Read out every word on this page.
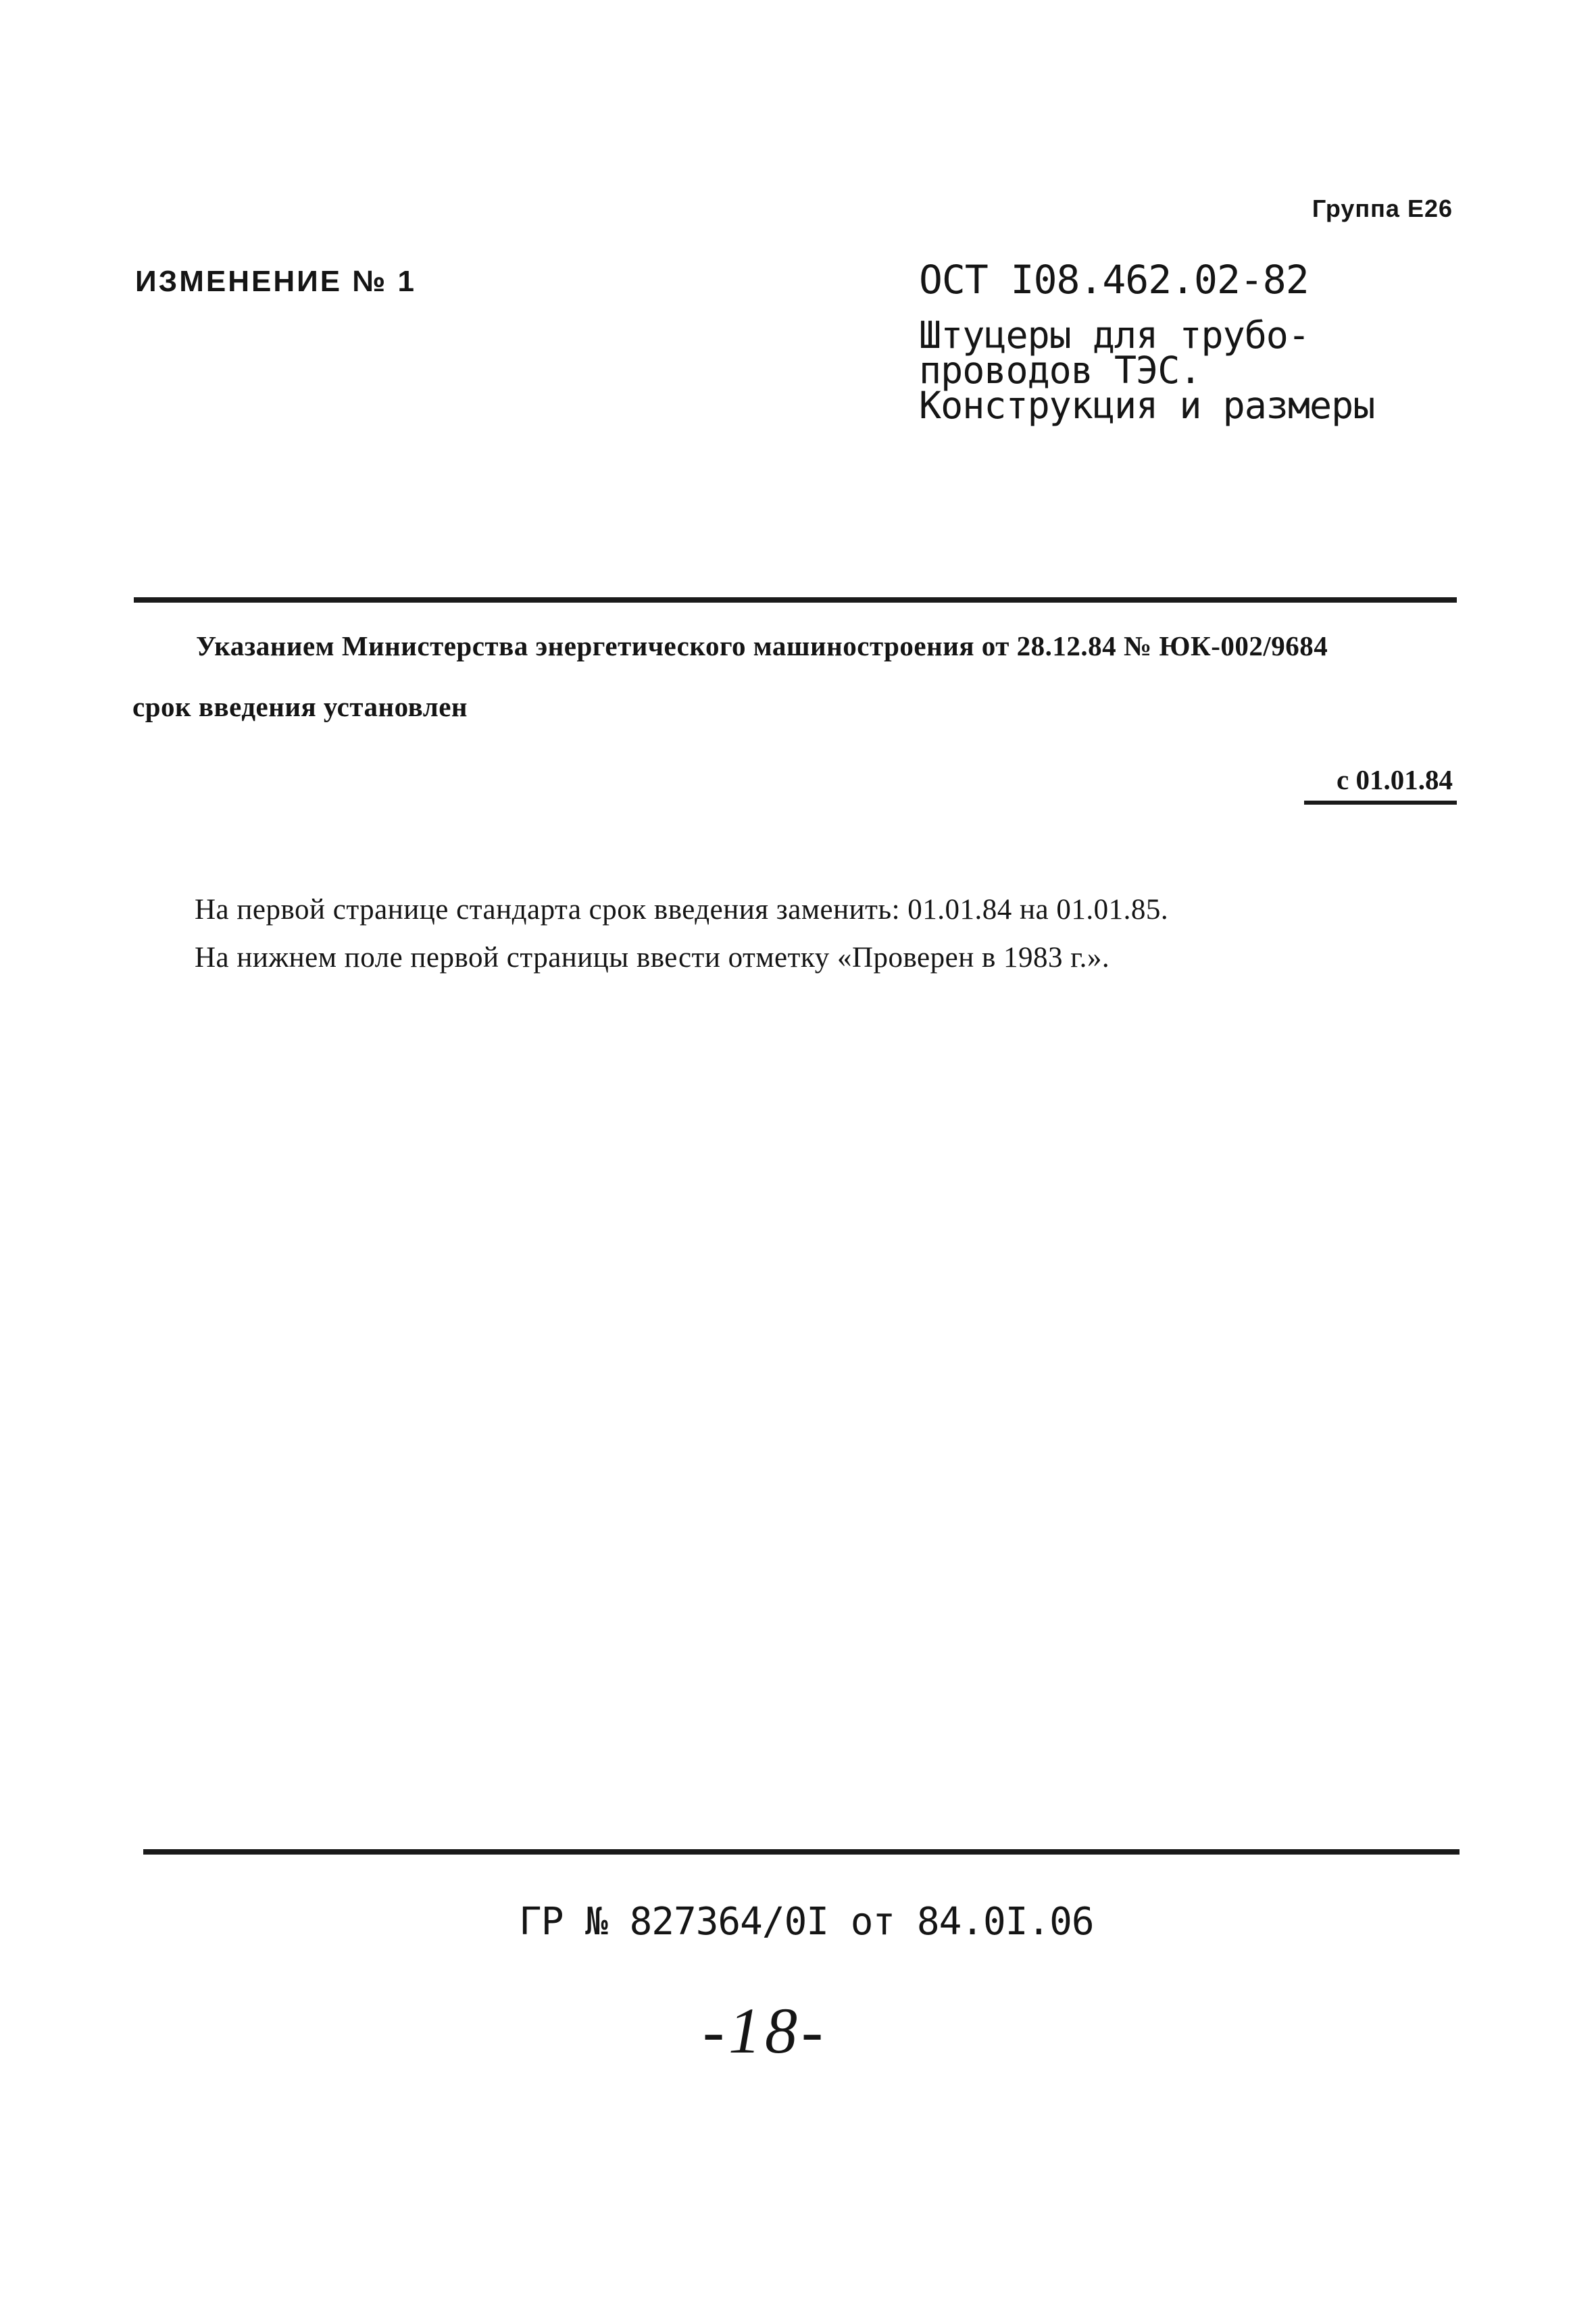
Группа Е26
ИЗМЕНЕНИЕ № 1	ОСТ I08.462.02-82
Штуцеры для трубо-
проводов ТЭС.
Конструкция и размеры
Указанием Министерства энергетического машиностроения от 28.12.84 № ЮК-002/9684
срок введения установлен
с 01.01.84
На первой странице стандарта срок введения заменить: 01.01.84 на 01.01.85.
На нижнем поле первой страницы ввести отметку «Проверен в 1983 г.».
ГР № 827364/0I от 84.0I.06
-18-
